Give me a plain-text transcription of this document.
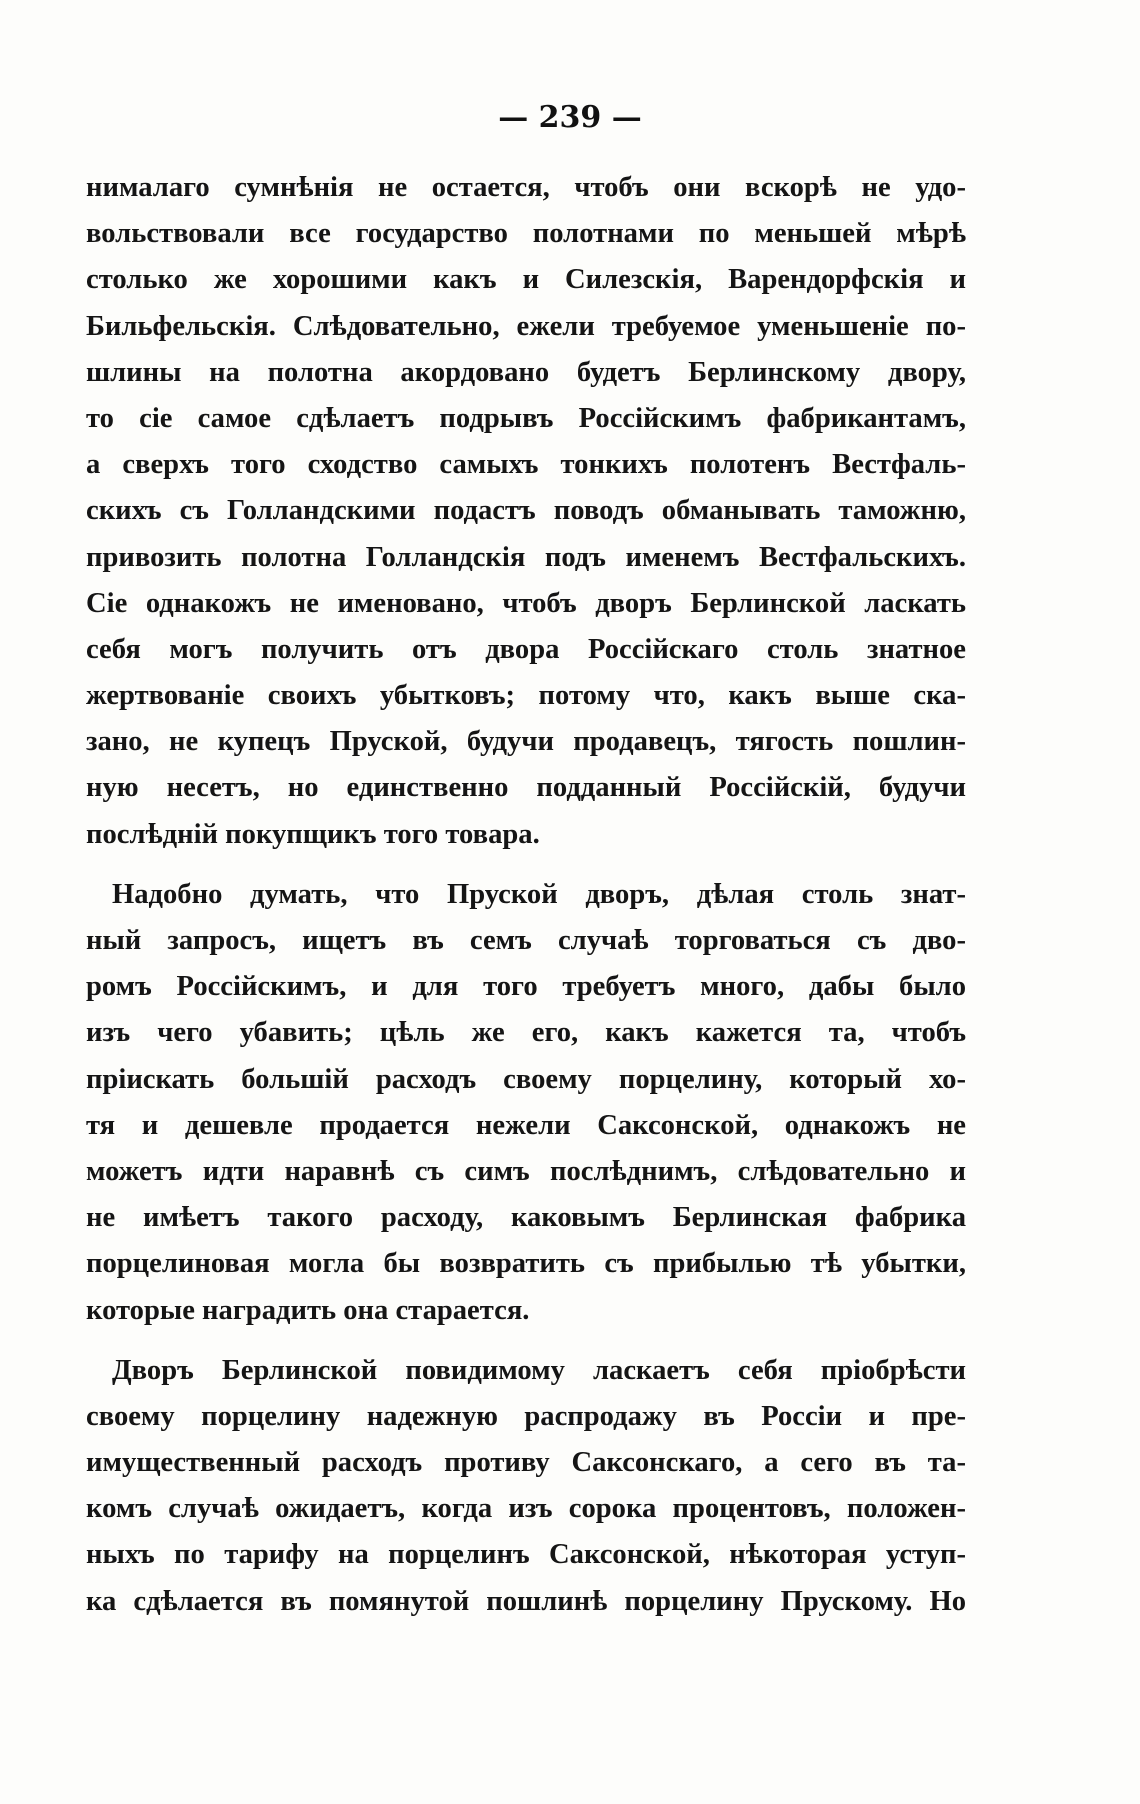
— 239 —
нималаго сумнѣнія не остается, чтобъ они вскорѣ не удо-
вольствовали все государство полотнами по меньшей мѣрѣ
столько же хорошими какъ и Силезскія, Варендорфскія и
Бильфельскія. Слѣдовательно, ежели требуемое уменьшеніе по-
шлины на полотна акордовано будетъ Берлинскому двору,
то сіе самое сдѣлаетъ подрывъ Россійскимъ фабрикантамъ,
а сверхъ того сходство самыхъ тонкихъ полотенъ Вестфаль-
скихъ съ Голландскими подастъ поводъ обманывать таможню,
привозить полотна Голландскія подъ именемъ Вестфальскихъ.
Сіе однакожъ не именовано, чтобъ дворъ Берлинской ласкать
себя могъ получить отъ двора Россійскаго столь знатное
жертвованіе своихъ убытковъ; потому что, какъ выше ска-
зано, не купецъ Пруской, будучи продавецъ, тягость пошлин-
ную несетъ, но единственно подданный Россійскій, будучи
послѣдній покупщикъ того товара.
Надобно думать, что Пруской дворъ, дѣлая столь знат-
ный запросъ, ищетъ въ семъ случаѣ торговаться съ дво-
ромъ Россійскимъ, и для того требуетъ много, дабы было
изъ чего убавить; цѣль же его, какъ кажется та, чтобъ
пріискать большій расходъ своему порцелину, который хо-
тя и дешевле продается нежели Саксонской, однакожъ не
можетъ идти наравнѣ съ симъ послѣднимъ, слѣдовательно и
не имѣетъ такого расходу, каковымъ Берлинская фабрика
порцелиновая могла бы возвратить съ прибылью тѣ убытки,
которые наградить она старается.
Дворъ Берлинской повидимому ласкаетъ себя пріобрѣсти
своему порцелину надежную распродажу въ Россіи и пре-
имущественный расходъ противу Саксонскаго, а сего въ та-
комъ случаѣ ожидаетъ, когда изъ сорока процентовъ, положен-
ныхъ по тарифу на порцелинъ Саксонской, нѣкоторая уступ-
ка сдѣлается въ помянутой пошлинѣ порцелину Прускому. Но
